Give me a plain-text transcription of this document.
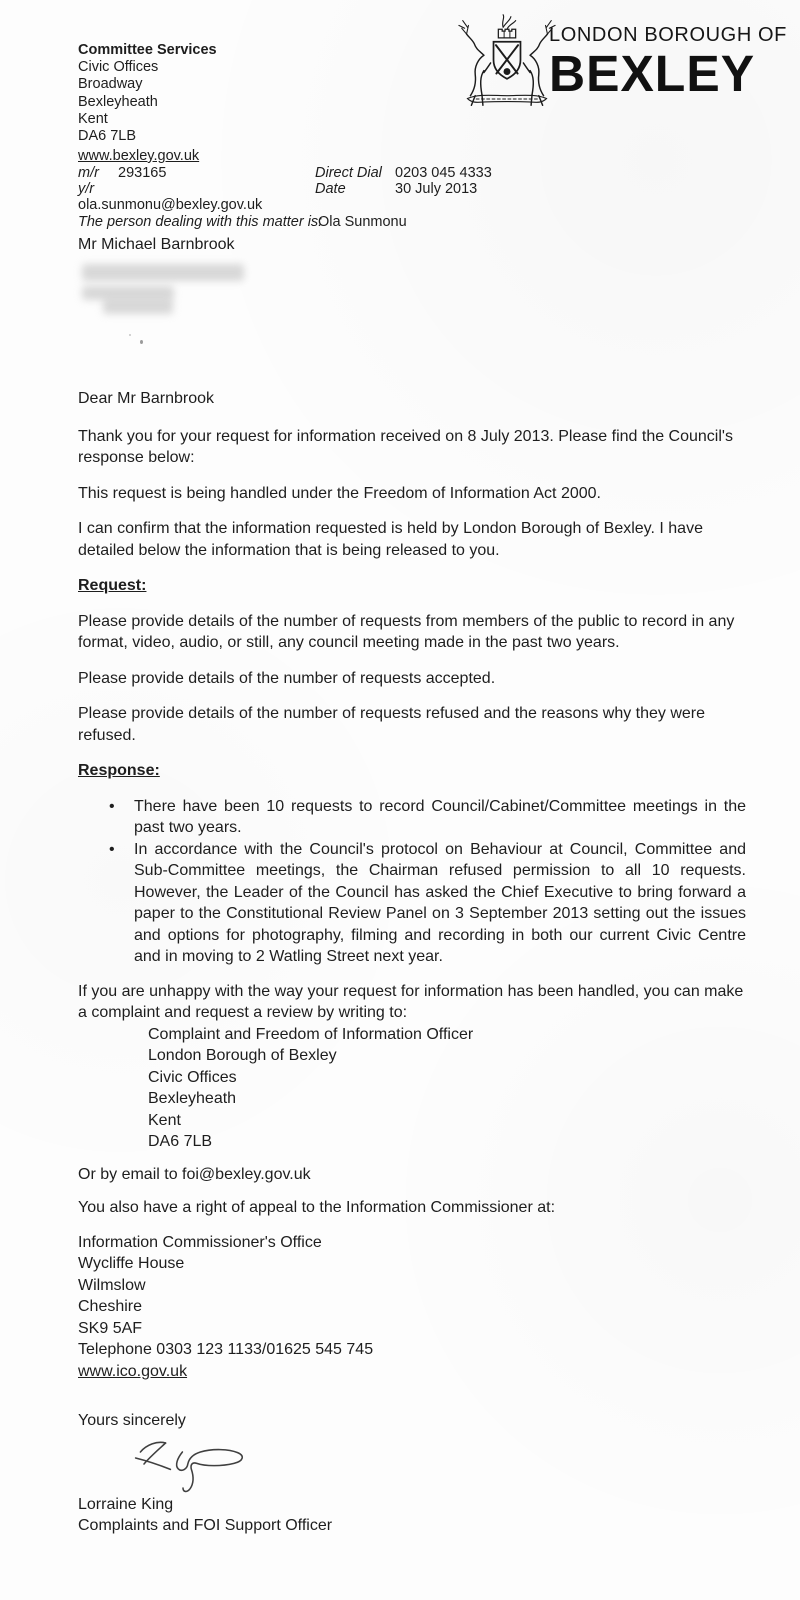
Committee Services
Civic Offices
Broadway
Bexleyheath
Kent
DA6 7LB
LONDON BOROUGH OF
BEXLEY
www.bexley.gov.uk
m/r 293165	Direct Dial 0203 045 4333
y/r	Date	30 July 2013
ola.sunmonu@bexley.gov.uk
The person dealing with this matter is:
Ola Sunmonu
Mr Michael Barnbrook

Dear Mr Barnbrook

Thank you for your request for information received on 8 July 2013. Please find the Council's response below:

This request is being handled under the Freedom of Information Act 2000.

I can confirm that the information requested is held by London Borough of Bexley. I have detailed below the information that is being released to you.

Request:

Please provide details of the number of requests from members of the public to record in any format, video, audio, or still, any council meeting made in the past two years.

Please provide details of the number of requests accepted.

Please provide details of the number of requests refused and the reasons why they were refused.

Response:

• There have been 10 requests to record Council/Cabinet/Committee meetings in the past two years.
• In accordance with the Council's protocol on Behaviour at Council, Committee and Sub-Committee meetings, the Chairman refused permission to all 10 requests. However, the Leader of the Council has asked the Chief Executive to bring forward a paper to the Constitutional Review Panel on 3 September 2013 setting out the issues and options for photography, filming and recording in both our current Civic Centre and in moving to 2 Watling Street next year.

If you are unhappy with the way your request for information has been handled, you can make a complaint and request a review by writing to:

Complaint and Freedom of Information Officer
London Borough of Bexley
Civic Offices
Bexleyheath
Kent
DA6 7LB

Or by email to foi@bexley.gov.uk

You also have a right of appeal to the Information Commissioner at:

Information Commissioner's Office
Wycliffe House
Wilmslow
Cheshire
SK9 5AF
Telephone 0303 123 1133/01625 545 745
www.ico.gov.uk

Yours sincerely

Lorraine King

Complaints and FOI Support Officer
